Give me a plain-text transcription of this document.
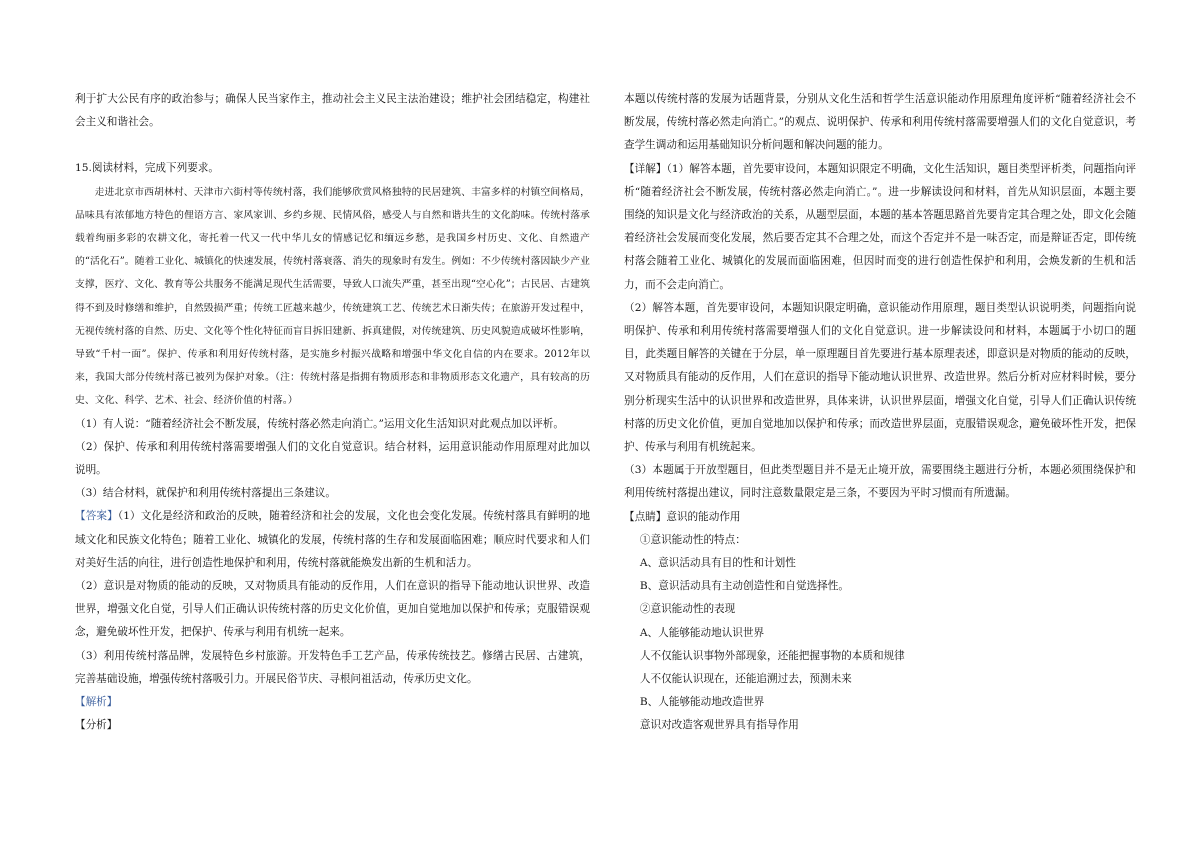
利于扩大公民有序的政治参与；确保人民当家作主，推动社会主义民主法治建设；维护社会团结稳定，构建社会主义和谐社会。

15.阅读材料，完成下列要求。

走进北京市西胡林村、天津市六街村等传统村落，我们能够欣赏风格独特的民居建筑、丰富多样的村镇空间格局，品味具有浓郁地方特色的俚语方言、家风家训、乡约乡规、民情风俗，感受人与自然和谐共生的文化韵味。传统村落承载着绚丽多彩的农耕文化，寄托着一代又一代中华儿女的情感记忆和缅远乡愁，是我国乡村历史、文化、自然遗产的“活化石”。随着工业化、城镇化的快速发展，传统村落衰落、消失的现象时有发生。例如：不少传统村落因缺少产业支撑，医疗、文化、教育等公共服务不能满足现代生活需要，导致人口流失严重，甚至出现“空心化”；古民居、古建筑得不到及时修缮和维护，自然毁损严重；传统工匠越来越少，传统建筑工艺、传统艺术日渐失传；在旅游开发过程中，无视传统村落的自然、历史、文化等个性化特征而盲目拆旧建新、拆真建假，对传统建筑、历史风貌造成破坏性影响，导致“千村一面”。保护、传承和利用好传统村落，是实施乡村振兴战略和增强中华文化自信的内在要求。2012年以来，我国大部分传统村落已被列为保护对象。（注：传统村落是指拥有物质形态和非物质形态文化遗产，具有较高的历史、文化、科学、艺术、社会、经济价值的村落。）

（1）有人说：“随着经济社会不断发展，传统村落必然走向消亡。”运用文化生活知识对此观点加以评析。

（2）保护、传承和利用传统村落需要增强人们的文化自觉意识。结合材料，运用意识能动作用原理对此加以说明。

（3）结合材料，就保护和利用传统村落提出三条建议。

【答案】（1）文化是经济和政治的反映，随着经济和社会的发展，文化也会变化发展。传统村落具有鲜明的地域文化和民族文化特色；随着工业化、城镇化的发展，传统村落的生存和发展面临困难；顺应时代要求和人们对美好生活的向往，进行创造性地保护和利用，传统村落就能焕发出新的生机和活力。

（2）意识是对物质的能动的反映，又对物质具有能动的反作用，人们在意识的指导下能动地认识世界、改造世界，增强文化自觉，引导人们正确认识传统村落的历史文化价值，更加自觉地加以保护和传承；克服错误观念，避免破坏性开发，把保护、传承与利用有机统一起来。

（3）利用传统村落品牌，发展特色乡村旅游。开发特色手工艺产品，传承传统技艺。修缮古民居、古建筑，完善基础设施，增强传统村落吸引力。开展民俗节庆、寻根问祖活动，传承历史文化。

【解析】

【分析】

本题以传统村落的发展为话题背景，分别从文化生活和哲学生活意识能动作用原理角度评析“随着经济社会不断发展，传统村落必然走向消亡。”的观点、说明保护、传承和利用传统村落需要增强人们的文化自觉意识，考查学生调动和运用基础知识分析问题和解决问题的能力。

【详解】（1）解答本题，首先要审设问，本题知识限定不明确，文化生活知识，题目类型评析类，问题指向评析“随着经济社会不断发展，传统村落必然走向消亡。”。进一步解读设问和材料，首先从知识层面，本题主要围绕的知识是文化与经济政治的关系，从题型层面，本题的基本答题思路首先要肯定其合理之处，即文化会随着经济社会发展而变化发展，然后要否定其不合理之处，而这个否定并不是一味否定，而是辩证否定，即传统村落会随着工业化、城镇化的发展而面临困难，但因时而变的进行创造性保护和利用，会焕发新的生机和活力，而不会走向消亡。

（2）解答本题，首先要审设问，本题知识限定明确，意识能动作用原理，题目类型认识说明类，问题指向说明保护、传承和利用传统村落需要增强人们的文化自觉意识。进一步解读设问和材料，本题属于小切口的题目，此类题目解答的关键在于分层，单一原理题目首先要进行基本原理表述，即意识是对物质的能动的反映，又对物质具有能动的反作用，人们在意识的指导下能动地认识世界、改造世界。然后分析对应材料时候，要分别分析现实生活中的认识世界和改造世界，具体来讲，认识世界层面，增强文化自觉，引导人们正确认识传统村落的历史文化价值，更加自觉地加以保护和传承；而改造世界层面，克服错误观念，避免破坏性开发，把保护、传承与利用有机统起来。

（3）本题属于开放型题目，但此类型题目并不是无止境开放，需要围绕主题进行分析，本题必须围绕保护和利用传统村落提出建议，同时注意数量限定是三条，不要因为平时习惯而有所遗漏。

【点睛】意识的能动作用

①意识能动性的特点：

A、意识活动具有目的性和计划性

B、意识活动具有主动创造性和自觉选择性。

②意识能动性的表现

A、人能够能动地认识世界

人不仅能认识事物外部现象，还能把握事物的本质和规律

人不仅能认识现在，还能追溯过去，预测未来

B、人能够能动地改造世界

意识对改造客观世界具有指导作用
